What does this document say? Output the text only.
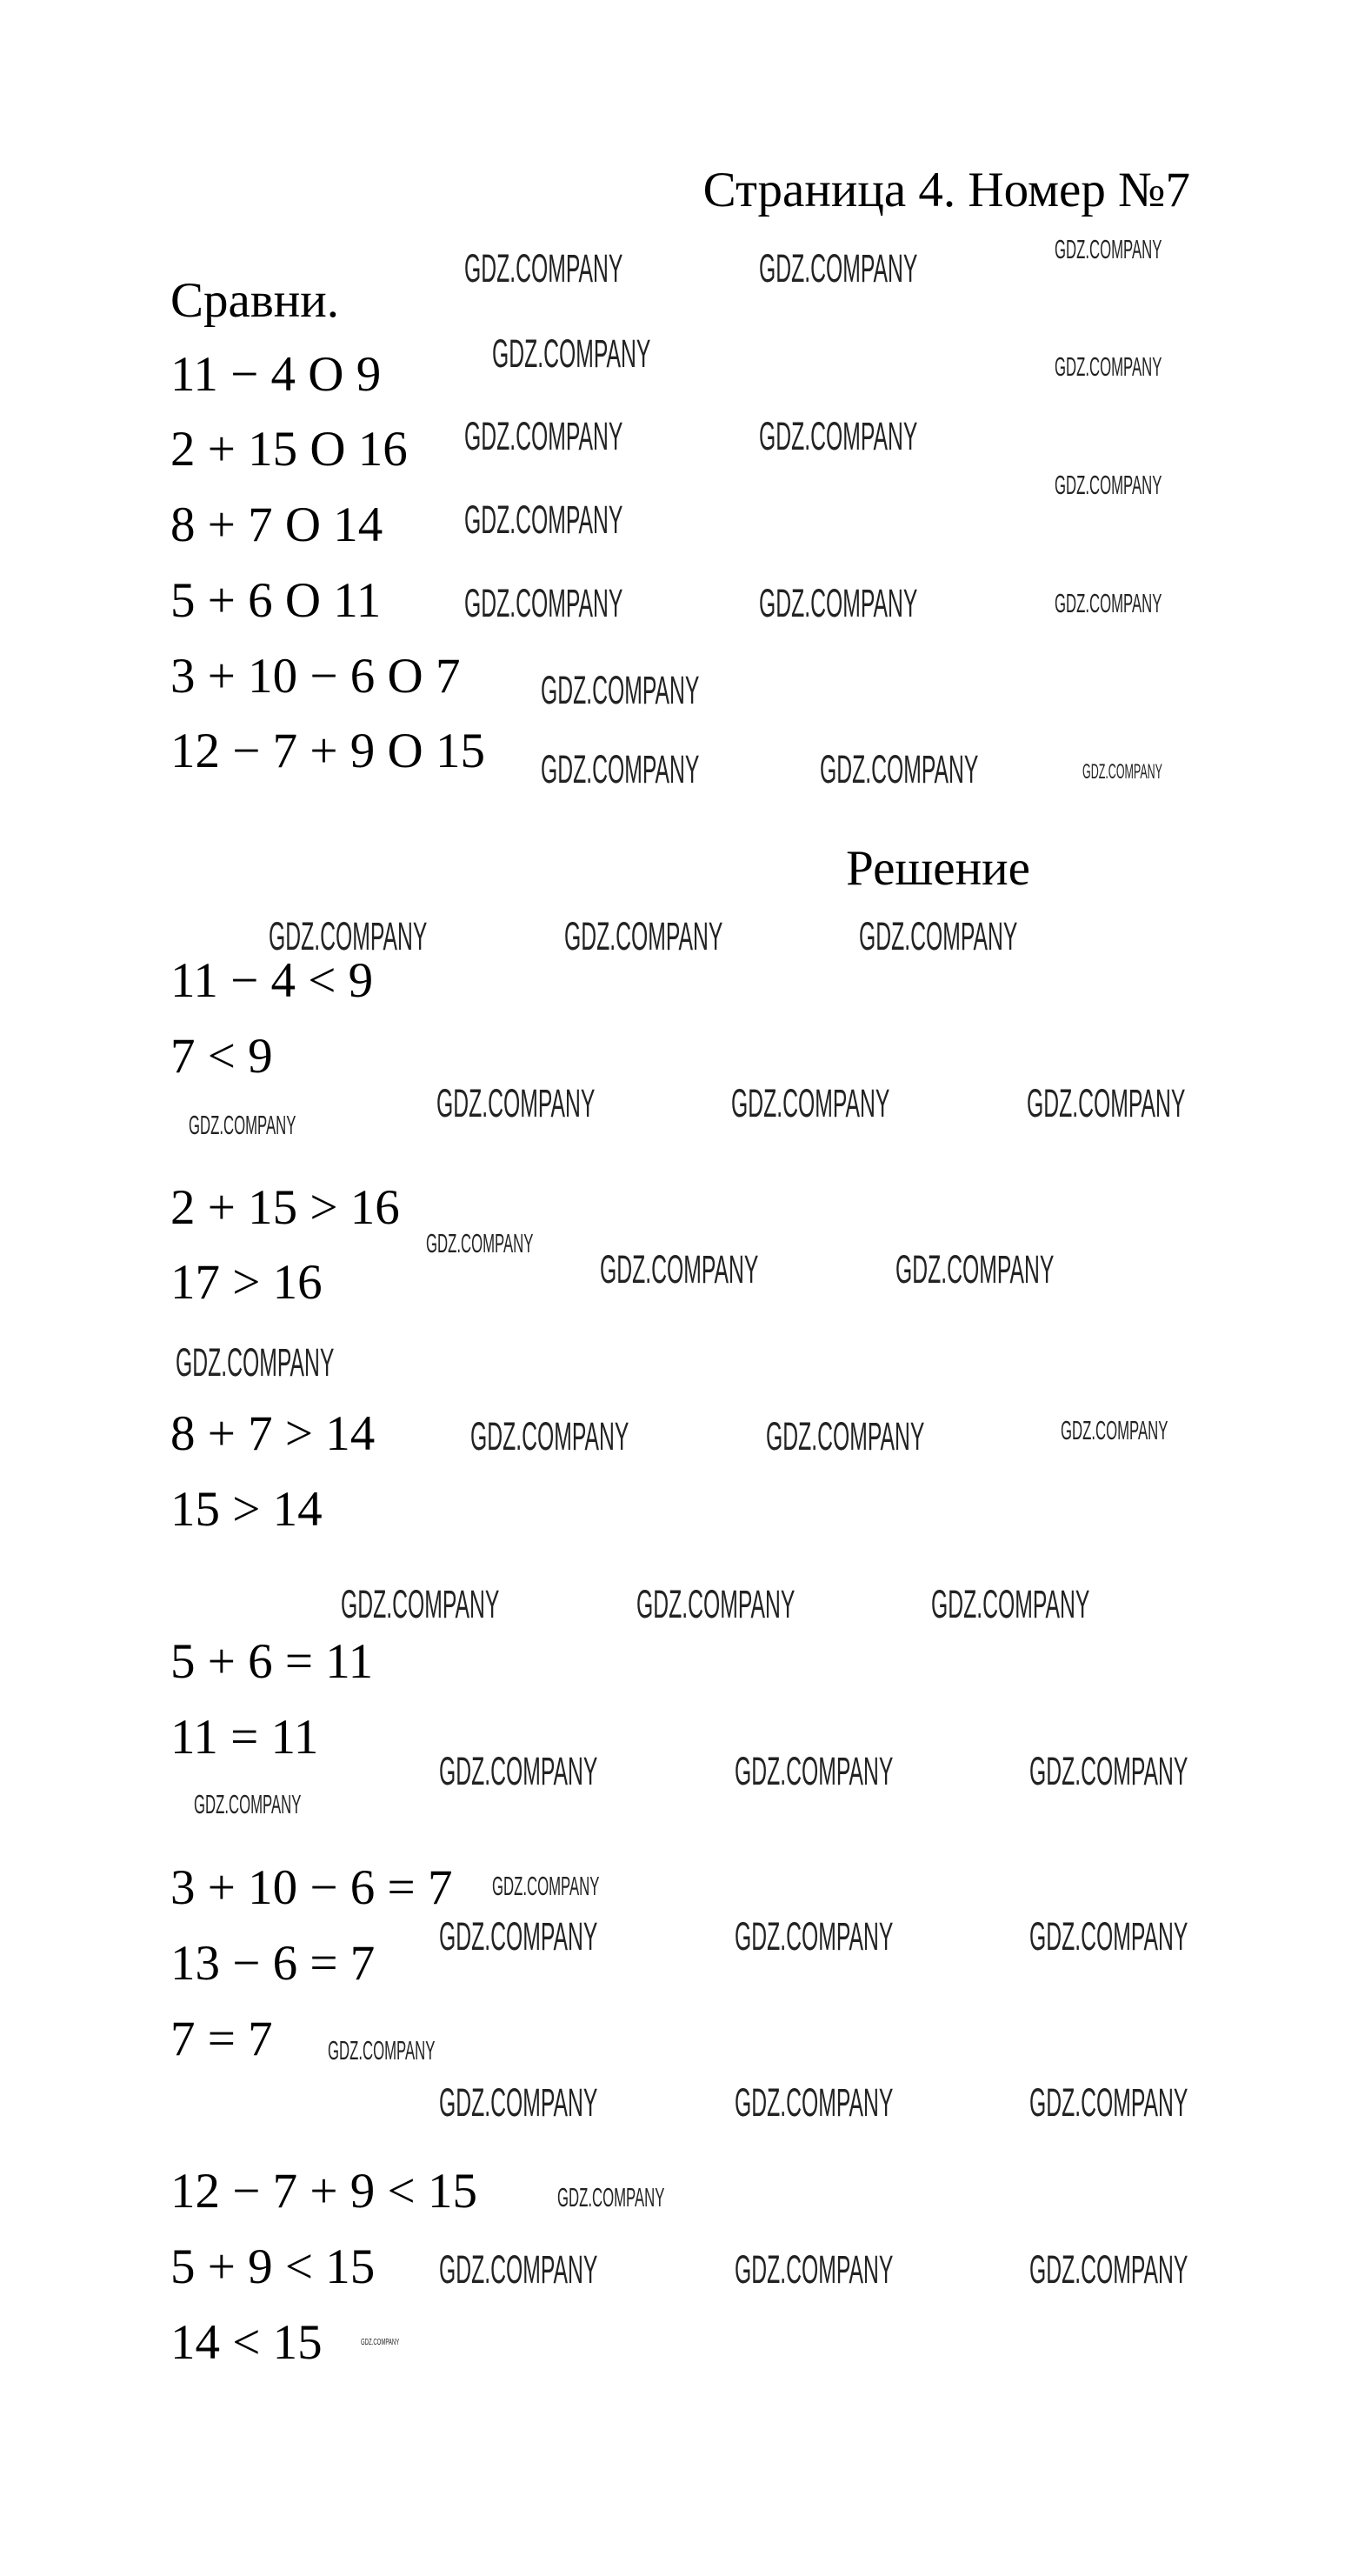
Страница 4. Номер №7
Сравни.
11 − 4 O 9
2 + 15 O 16
8 + 7 O 14
5 + 6 O 11
3 + 10 − 6 O 7
12 − 7 + 9 O 15
Решение
11 − 4 < 9
7 < 9
2 + 15 > 16
17 > 16
8 + 7 > 14
15 > 14
5 + 6 = 11
11 = 11
3 + 10 − 6 = 7
13 − 6 = 7
7 = 7
12 − 7 + 9 < 15
5 + 9 < 15
14 < 15
GDZ.COMPANY
GDZ.COMPANY	GDZ.COMPANY	GDZ.COMPANY
GDZ.COMPANY
GDZ.COMPANY	GDZ.COMPANY
GDZ.COMPANY
GDZ.COMPANY
GDZ.COMPANY	GDZ.COMPANY	GDZ.COMPANY
GDZ.COMPANY
GDZ.COMPANY	GDZ.COMPANY	GDZ.COMPANY
GDZ.COMPANY	GDZ.COMPANY	GDZ.COMPANY
GDZ.COMPANY	GDZ.COMPANY	GDZ.COMPANY
GDZ.COMPANY
GDZ.COMPANY
GDZ.COMPANY	GDZ.COMPANY
GDZ.COMPANY
GDZ.COMPANY	GDZ.COMPANY	GDZ.COMPANY
GDZ.COMPANY	GDZ.COMPANY	GDZ.COMPANY
GDZ.COMPANY
GDZ.COMPANY	GDZ.COMPANY	GDZ.COMPANY
GDZ.COMPANY
GDZ.COMPANY	GDZ.COMPANY	GDZ.COMPANY
GDZ.COMPANY
GDZ.COMPANY	GDZ.COMPANY	GDZ.COMPANY
GDZ.COMPANY
GDZ.COMPANY	GDZ.COMPANY	GDZ.COMPANY
GDZ.COMPANY
